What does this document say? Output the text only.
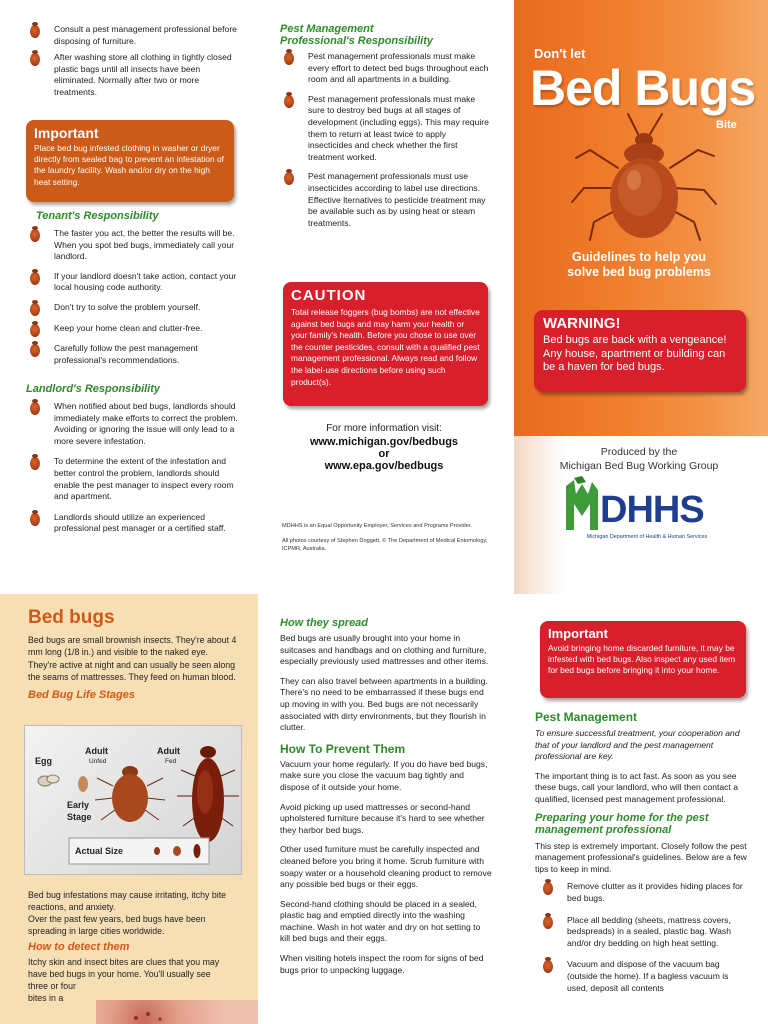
Consult a pest management professional before disposing of furniture.
After washing store all clothing in tightly closed plastic bags until all insects have been eliminated. Normally after two or more treatments.
Important

Place bed bug infested clothing in washer or dryer directly from sealed bag to prevent an infestation of the laundry facility. Wash and/or dry on the high heat setting.

Tenant's Responsibility
The faster you act, the better the results will be. When you spot bed bugs, immediately call your landlord.
If your landlord doesn't take action, contact your local housing code authority.
Don't try to solve the problem yourself.
Keep your home clean and clutter-free.
Carefully follow the pest management professional's recommendations.
Landlord's Responsibility
When notified about bed bugs, landlords should immediately make efforts to correct the problem. Avoiding or ignoring the issue will only lead to a more severe infestation.
To determine the extent of the infestation and better control the problem, landlords should enable the pest manager to inspect every room and apartment.
Landlords should utilize an experienced professional pest manager or a certified staff.
Pest Management
Professional's Responsibility
Pest management professionals must make every effort to detect bed bugs throughout each room and all apartments in a building.
Pest management professionals must make sure to destroy bed bugs at all stages of development (including eggs). This may require them to return at least twice to apply insecticides and check whether the first treatment worked.
Pest management professionals must use insecticides according to label use directions. Effective lternatives to pesticide treatment may be available such as by using heat or steam treatments.
CAUTION

Total release foggers (bug bombs) are not effective against bed bugs and may harm your health or your family's health. Before you chose to use over the counter pesticides, consult with a qualified pest management professional. Always read and follow the label-use directions before using such product(s).

For more information visit:
www.michigan.gov/bedbugs
or
www.epa.gov/bedbugs
MDHHS is an Equal Opportunity Employer, Services and Programs Provider.
All photos courtesy of Stephen Doggett, © The Department of Medical Entomology, ICPMR, Australia.
Don't let
Bed Bugs
Bite
Guidelines to help you
solve bed bug problems
WARNING!

Bed bugs are back with a vengeance! Any house, apartment or building can be a haven for bed bugs.

Produced by the
Michigan Bed Bug Working Group
DHHS
Michigan Department of Health & Human Services
Bed bugs

Bed bugs are small brownish insects. They're about 4 mm long (1/8 in.) and visible to the naked eye. They're active at night and can usually be seen along the seams of mattresses. They feed on human blood.

Bed Bug Life Stages
Egg
Adult
Unfed
Adult
Fed
Early
Stage
Actual Size

Bed bug infestations may cause irritating, itchy bite reactions, and anxiety.

Over the past few years, bed bugs have been spreading in large cities worldwide.

How to detect them

Itchy skin and insect bites are clues that you may have bed bugs in your home. You'll usually see

three or four

bites in a

How they spread

Bed bugs are usually brought into your home in suitcases and handbags and on clothing and furniture, especially previously used mattresses and other items.

They can also travel between apartments in a building. There's no need to be embarrassed if these bugs end up moving in with you. Bed bugs are not necessarily associated with dirty environments, but they flourish in clutter.

How To Prevent Them

Vacuum your home regularly. If you do have bed bugs, make sure you close the vacuum bag tightly and dispose of it outside your home.

Avoid picking up used mattresses or second-hand upholstered furniture because it's hard to see whether they harbor bed bugs.

Other used furniture must be carefully inspected and cleaned before you bring it home. Scrub furniture with soapy water or a household cleaning product to remove any possible bed bugs or their eggs.

Second-hand clothing should be placed in a sealed, plastic bag and emptied directly into the washing machine. Wash in hot water and dry on hot setting to kill bed bugs and their eggs.

When visiting hotels inspect the room for signs of bed bugs prior to unpacking luggage.

Important

Avoid bringing home discarded furniture, it may be infested with bed bugs. Also inspect any used item for bed bugs before bringing it into your home.

Pest Management

To ensure successful treatment, your cooperation and that of your landlord and the pest management professional are key.

The important thing is to act fast. As soon as you see these bugs, call your landlord, who will then contact a qualified, licensed pest management professional.

Preparing your home for the pest
management professional

This step is extremely important. Closely follow the pest management professional's guidelines. Below are a few tips to keep in mind.

Remove clutter as it provides hiding places for bed bugs.
Place all bedding (sheets, mattress covers, bedspreads) in a sealed, plastic bag. Wash and/or dry bedding on high heat setting.
Vacuum and dispose of the vacuum bag (outside the home). If a bagless vacuum is used, deposit all contents
